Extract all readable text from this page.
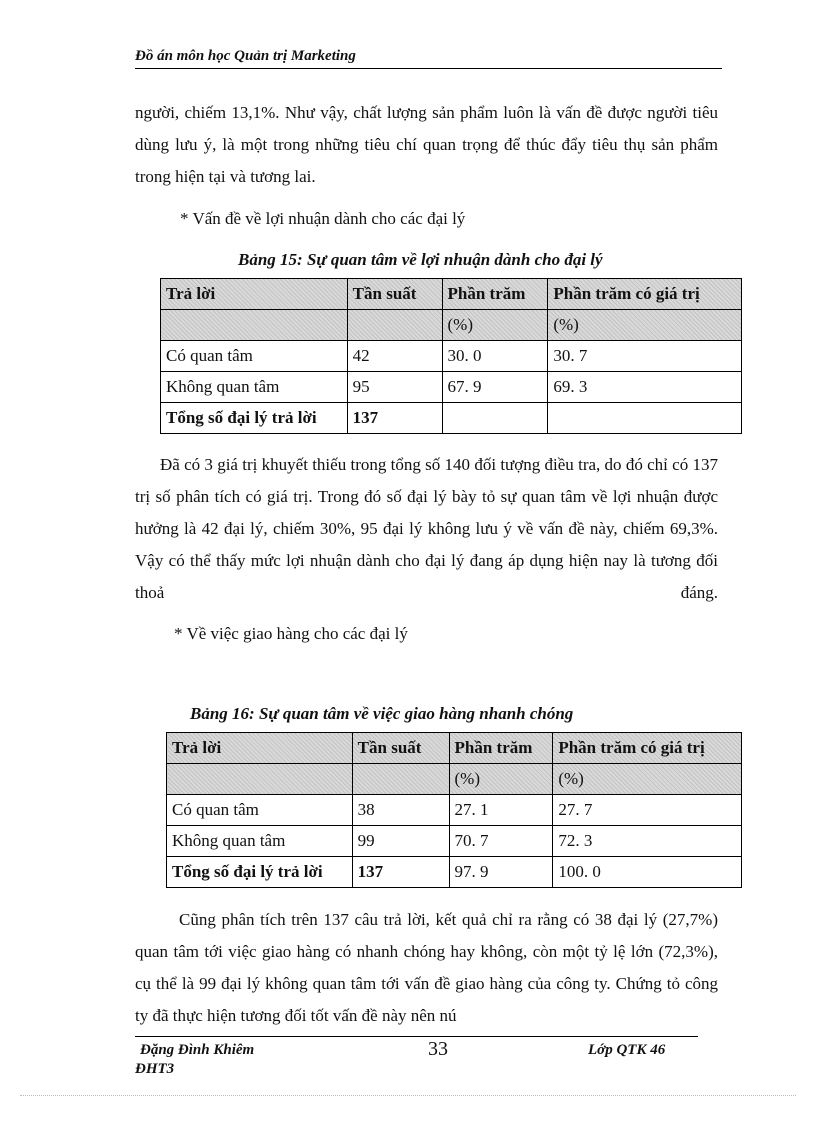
Đồ án môn học Quản trị Marketing

người, chiếm 13,1%. Như vậy, chất lượng sản phẩm luôn là vấn đề được người tiêu dùng lưu ý, là một trong những tiêu chí quan trọng để thúc đẩy tiêu thụ sản phẩm trong hiện tại và tương lai.

* Vấn đề về lợi nhuận dành cho các đại lý

Bảng 15: Sự quan tâm về lợi nhuận dành cho đại lý

Trả lời	Tần suất	Phần trăm	Phần trăm có giá trị
		(%)	(%)
Có quan tâm	42	30. 0	30. 7
Không quan tâm	95	67. 9	69. 3
Tổng số đại lý trả lời	137		

Đã có 3 giá trị khuyết thiếu trong tổng số 140 đối tượng điều tra, do đó chỉ có 137 trị số phân tích có giá trị. Trong đó số đại lý bày tỏ sự quan tâm về lợi nhuận được hưởng là 42 đại lý, chiếm 30%, 95 đại lý không lưu ý về vấn đề này, chiếm 69,3%. Vậy có thể thấy mức lợi nhuận dành cho đại lý đang áp dụng hiện nay là tương đối thoả đáng.

* Về việc giao hàng cho các đại lý

Bảng 16: Sự quan tâm về việc giao hàng nhanh chóng

Trả lời	Tần suất	Phần trăm	Phần trăm có giá trị
		(%)	(%)
Có quan tâm	38	27. 1	27. 7
Không quan tâm	99	70. 7	72. 3
Tổng số đại lý trả lời	137	97. 9	100. 0

Cũng phân tích trên 137 câu trả lời, kết quả chỉ ra rằng có 38 đại lý (27,7%) quan tâm tới việc giao hàng có nhanh chóng hay không, còn một tỷ lệ lớn (72,3%), cụ thể là 99 đại lý không quan tâm tới vấn đề giao hàng của công ty. Chứng tỏ công ty đã thực hiện tương đối tốt vấn đề này nên nú

Đặng Đình Khiêm	33	Lớp QTK 46
ĐHT3
